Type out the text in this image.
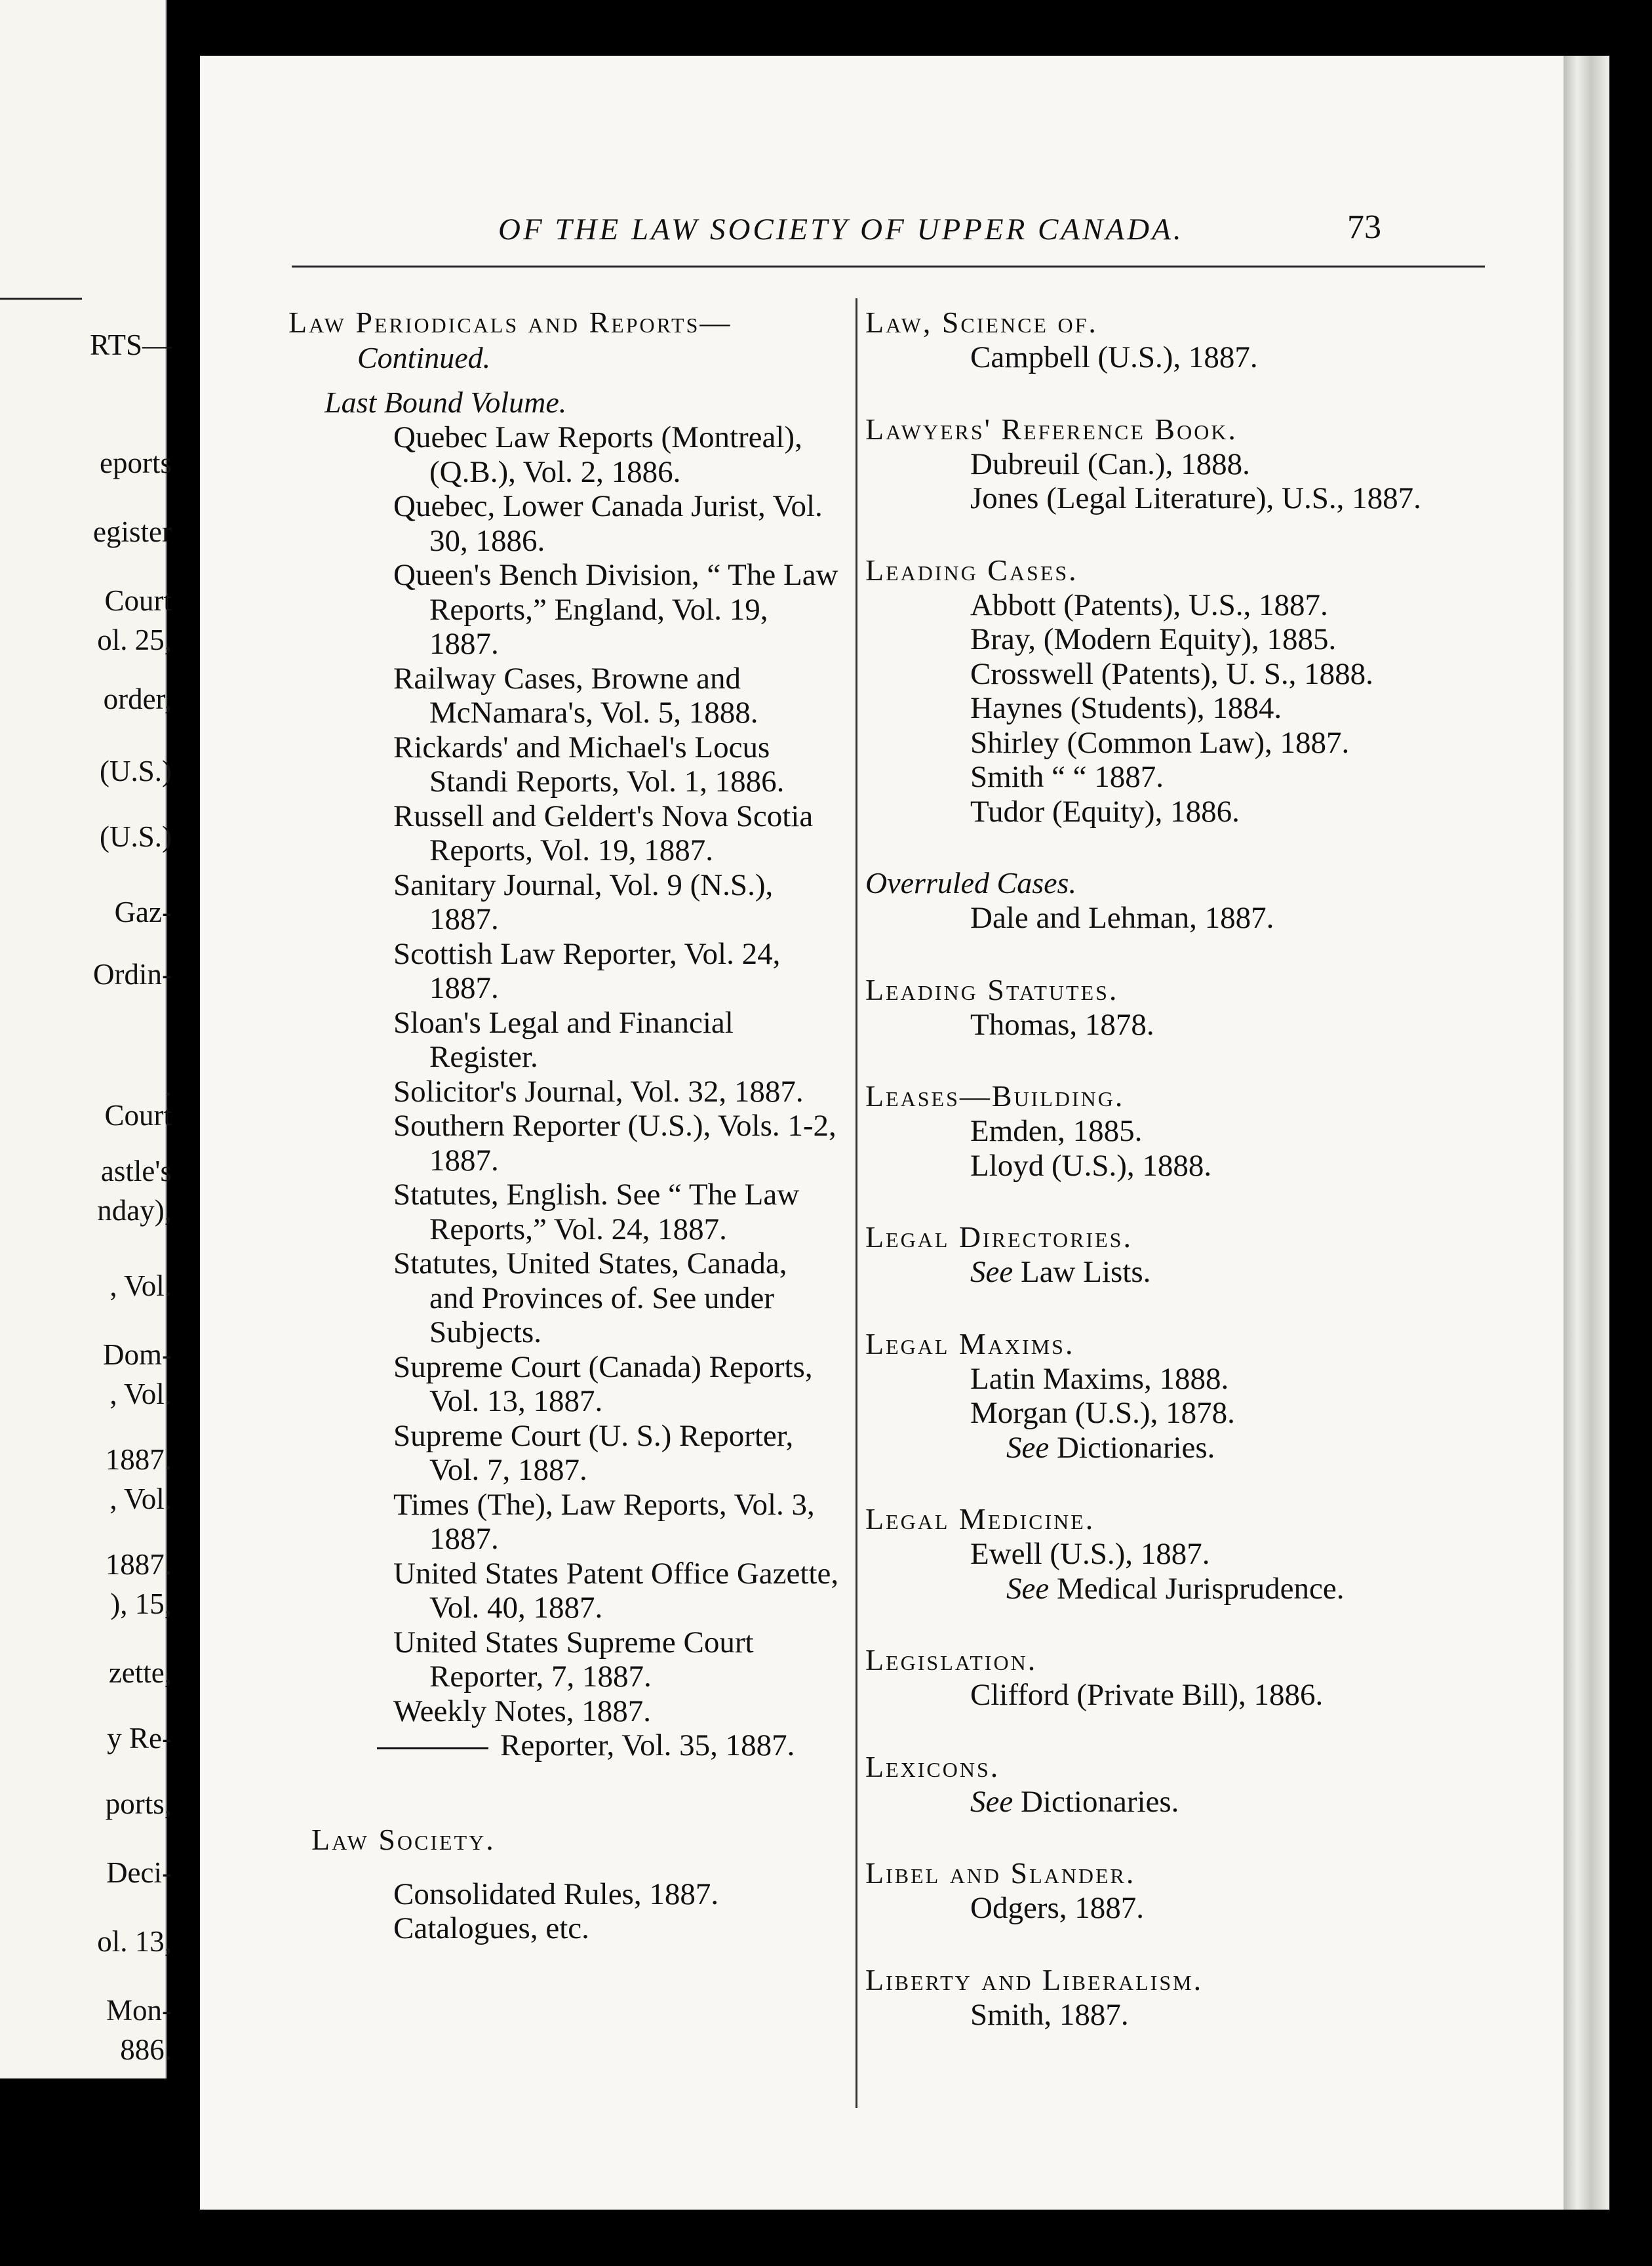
RTS—
eports
egister
Court
ol. 25,
order,
(U.S.)
(U.S.)
Gaz-
Ordin-
.
Court
astle's
nday),
, Vol.
Dom-
, Vol.
1887.
, Vol.
1887.
), 15,
zette,
y Re-
ports,
Deci-
ol. 13,
Mon-
886.
OF THE LAW SOCIETY OF UPPER CANADA.	73
Law Periodicals and Reports—
Continued.
Last Bound Volume.
Quebec Law Reports (Montreal), (Q.B.), Vol. 2, 1886.
Quebec, Lower Canada Jurist, Vol. 30, 1886.
Queen's Bench Division, “ The Law Reports,” England, Vol. 19, 1887.
Railway Cases, Browne and McNamara's, Vol. 5, 1888.
Rickards' and Michael's Locus Standi Reports, Vol. 1, 1886.
Russell and Geldert's Nova Scotia Reports, Vol. 19, 1887.
Sanitary Journal, Vol. 9 (N.S.), 1887.
Scottish Law Reporter, Vol. 24, 1887.
Sloan's Legal and Financial Register.
Solicitor's Journal, Vol. 32, 1887.
Southern Reporter (U.S.), Vols. 1-2, 1887.
Statutes, English. See “ The Law Reports,” Vol. 24, 1887.
Statutes, United States, Canada, and Provinces of. See under Subjects.
Supreme Court (Canada) Reports, Vol. 13, 1887.
Supreme Court (U. S.) Reporter, Vol. 7, 1887.
Times (The), Law Reports, Vol. 3, 1887.
United States Patent Office Gazette, Vol. 40, 1887.
United States Supreme Court Reporter, 7, 1887.
Weekly Notes, 1887.
Reporter, Vol. 35, 1887.
Law Society.
Consolidated Rules, 1887.
Catalogues, etc.
Law, Science of.
Campbell (U.S.), 1887.
Lawyers' Reference Book.
Dubreuil (Can.), 1888.
Jones (Legal Literature), U.S., 1887.
Leading Cases.
Abbott (Patents), U.S., 1887.
Bray, (Modern Equity), 1885.
Crosswell (Patents), U. S., 1888.
Haynes (Students), 1884.
Shirley (Common Law), 1887.
Smith “ “ 1887.
Tudor (Equity), 1886.
Overruled Cases.
Dale and Lehman, 1887.
Leading Statutes.
Thomas, 1878.
Leases—Building.
Emden, 1885.
Lloyd (U.S.), 1888.
Legal Directories.
See Law Lists.
Legal Maxims.
Latin Maxims, 1888.
Morgan (U.S.), 1878.
See Dictionaries.
Legal Medicine.
Ewell (U.S.), 1887.
See Medical Jurisprudence.
Legislation.
Clifford (Private Bill), 1886.
Lexicons.
See Dictionaries.
Libel and Slander.
Odgers, 1887.
Liberty and Liberalism.
Smith, 1887.
